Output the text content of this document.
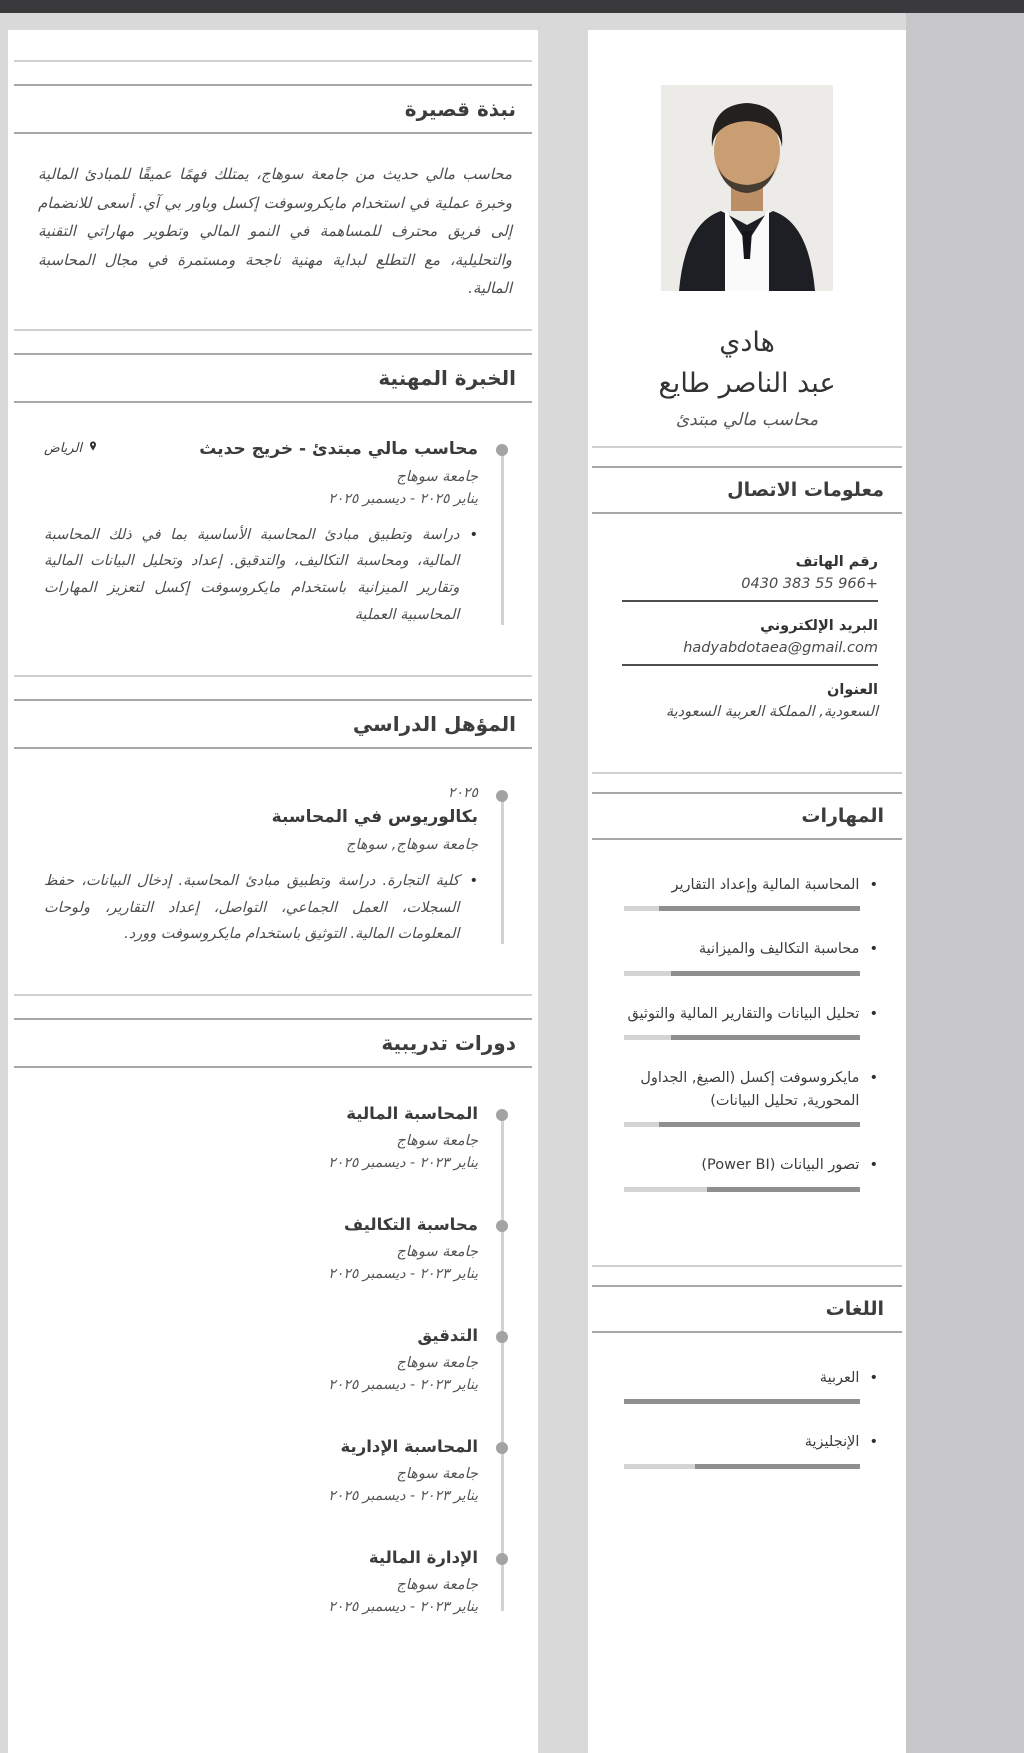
نبذة قصيرة

محاسب مالي حديث من جامعة سوهاج، يمتلك فهمًا عميقًا للمبادئ المالية وخبرة عملية في استخدام مايكروسوفت إكسل وباور بي آي. أسعى للانضمام إلى فريق محترف للمساهمة في النمو المالي وتطوير مهاراتي التقنية والتحليلية، مع التطلع لبداية مهنية ناجحة ومستمرة في مجال المحاسبة المالية.

الخبرة المهنية
محاسب مالي مبتدئ - خريج حديث
الرياض
جامعة سوهاج
يناير ٢٠٢٥ - ديسمبر ٢٠٢٥
•

دراسة وتطبيق مبادئ المحاسبة الأساسية بما في ذلك المحاسبة المالية، ومحاسبة التكاليف، والتدقيق. إعداد وتحليل البيانات المالية وتقارير الميزانية باستخدام مايكروسوفت إكسل لتعزيز المهارات المحاسبية العملية

المؤهل الدراسي
٢٠٢٥
بكالوريوس في المحاسبة
جامعة سوهاج, سوهاج
•

كلية التجارة. دراسة وتطبيق مبادئ المحاسبة. إدخال البيانات، حفظ السجلات، العمل الجماعي، التواصل، إعداد التقارير، ولوحات المعلومات المالية. التوثيق باستخدام مايكروسوفت وورد.

دورات تدريبية
المحاسبة المالية
جامعة سوهاج
يناير ٢٠٢٣ - ديسمبر ٢٠٢٥
محاسبة التكاليف
جامعة سوهاج
يناير ٢٠٢٣ - ديسمبر ٢٠٢٥
التدقيق
جامعة سوهاج
يناير ٢٠٢٣ - ديسمبر ٢٠٢٥
المحاسبة الإدارية
جامعة سوهاج
يناير ٢٠٢٣ - ديسمبر ٢٠٢٥
الإدارة المالية
جامعة سوهاج
يناير ٢٠٢٣ - ديسمبر ٢٠٢٥
هادي
عبد الناصر طايع
محاسب مالي مبتدئ
معلومات الاتصال
رقم الهاتف
+966 55 383 0430
البريد الإلكتروني
hadyabdotaea@gmail.com
العنوان
السعودية, المملكة العربية السعودية
المهارات
•
المحاسبة المالية وإعداد التقارير
•
محاسبة التكاليف والميزانية
•
تحليل البيانات والتقارير المالية والتوثيق
•
مايكروسوفت إكسل (الصيغ, الجداول المحورية, تحليل البيانات)
•
تصور البيانات (Power BI)
اللغات
•
العربية
•
الإنجليزية
